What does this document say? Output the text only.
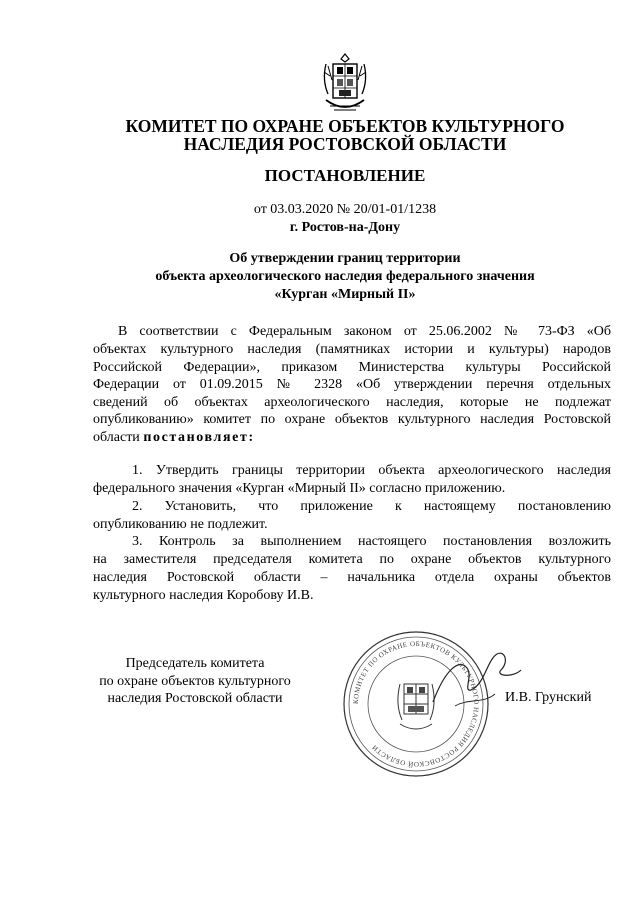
КОМИТЕТ ПО ОХРАНЕ ОБЪЕКТОВ КУЛЬТУРНОГО
НАСЛЕДИЯ РОСТОВСКОЙ ОБЛАСТИ
ПОСТАНОВЛЕНИЕ
от 03.03.2020 № 20/01-01/1238
г. Ростов-на-Дону
Об утверждении границ территории
объекта археологического наследия федерального значения
«Курган «Мирный II»
В соответствии с Федеральным законом от 25.06.2002 № 73-ФЗ «Об
объектах культурного наследия (памятниках истории и культуры) народов
Российской Федерации», приказом Министерства культуры Российской
Федерации от 01.09.2015 № 2328 «Об утверждении перечня отдельных
сведений об объектах археологического наследия, которые не подлежат
опубликованию» комитет по охране объектов культурного наследия Ростовской
области постановляет:
1. Утвердить границы территории объекта археологического наследия
федерального значения «Курган «Мирный II» согласно приложению.
2. Установить, что приложение к настоящему постановлению
опубликованию не подлежит.
3. Контроль за выполнением настоящего постановления возложить
на заместителя председателя комитета по охране объектов культурного
наследия Ростовской области – начальника отдела охраны объектов
культурного наследия Коробову И.В.
Председатель комитета
по охране объектов культурного
наследия Ростовской области	КОМИТЕТ ПО ОХРАНЕ ОБЪЕКТОВ КУЛЬТУРНОГО НАСЛЕДИЯ РОСТОВСКОЙ ОБЛАСТИ
И.В. Грунский
